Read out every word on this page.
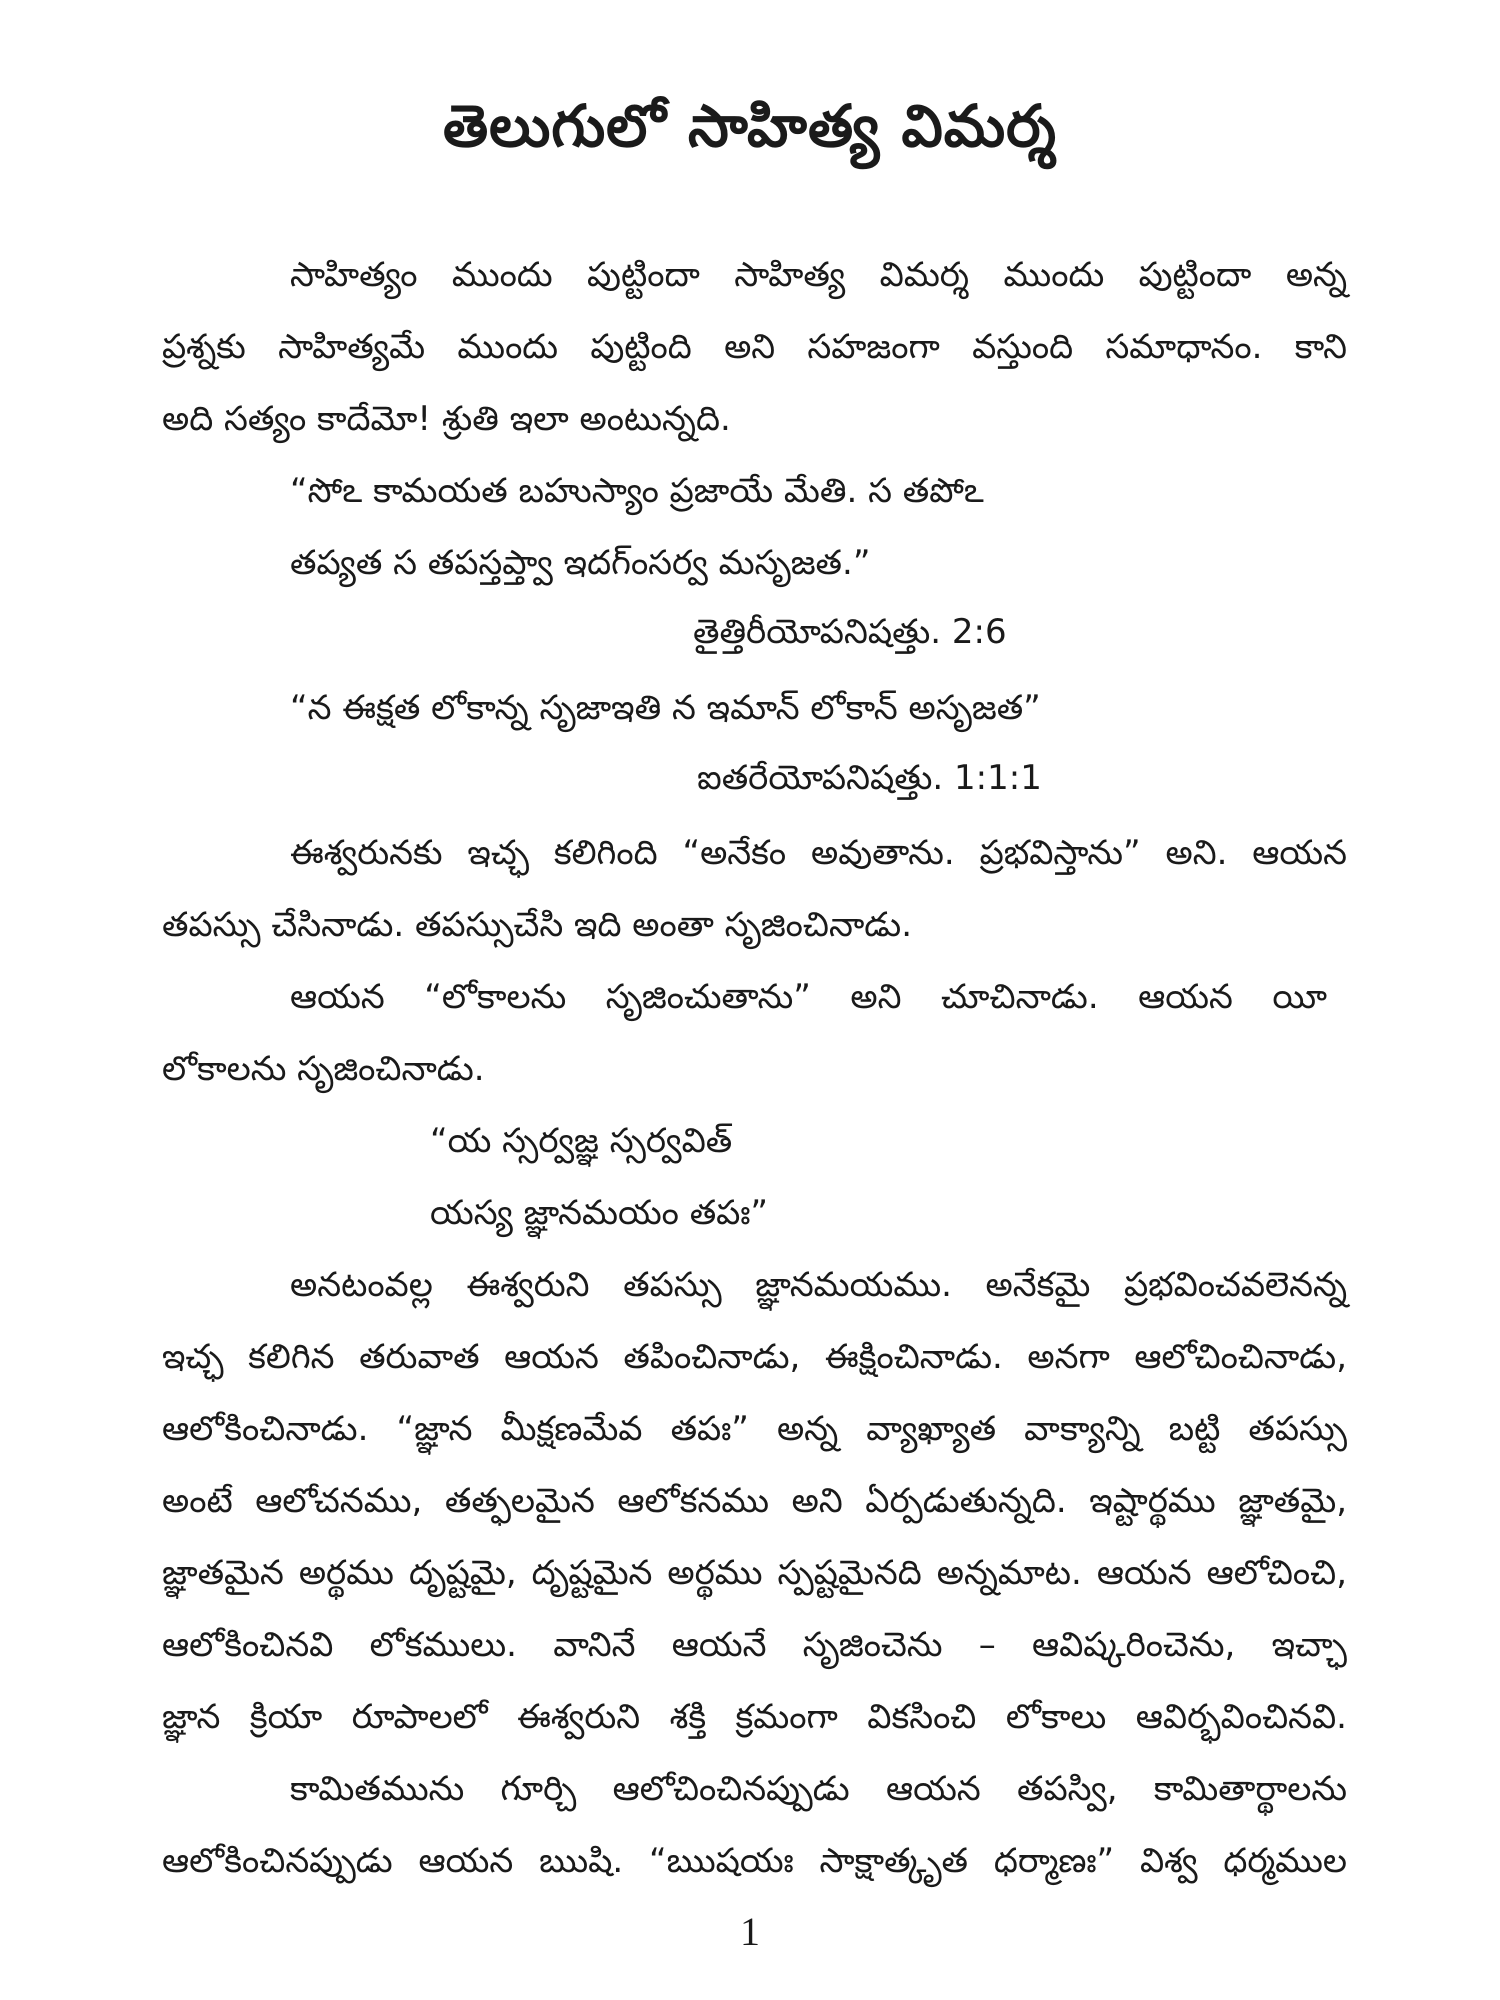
తెలుగులో సాహిత్య విమర్శ
సాహిత్యం ముందు పుట్టిందా సాహిత్య విమర్శ ముందు పుట్టిందా అన్న
ప్రశ్నకు సాహిత్యమే ముందు పుట్టింది అని సహజంగా వస్తుంది సమాధానం. కాని
అది సత్యం కాదేమో! శ్రుతి ఇలా అంటున్నది.
“సోఽ కామయత బహుస్యాం ప్రజాయే మేతి. స తపోఽ
తప్యత స తపస్తప్త్వా ఇదగ్ంసర్వ మసృజత.”
తైత్తిరీయోపనిషత్తు. 2:6
“న ఈక్షత లోకాన్న సృజాఇతి న ఇమాన్ లోకాన్ అసృజత”
ఐతరేయోపనిషత్తు. 1:1:1
ఈశ్వరునకు ఇచ్ఛ కలిగింది “అనేకం అవుతాను. ప్రభవిస్తాను” అని. ఆయన
తపస్సు చేసినాడు. తపస్సుచేసి ఇది అంతా సృజించినాడు.
ఆయన “లోకాలను సృజించుతాను” అని చూచినాడు. ఆయన యీ
లోకాలను సృజించినాడు.
“య స్సర్వజ్ఞ స్సర్వవిత్
యస్య జ్ఞానమయం తపః”
అనటంవల్ల ఈశ్వరుని తపస్సు జ్ఞానమయము. అనేకమై ప్రభవించవలెనన్న
ఇచ్ఛ కలిగిన తరువాత ఆయన తపించినాడు, ఈక్షించినాడు. అనగా ఆలోచించినాడు,
ఆలోకించినాడు. “జ్ఞాన మీక్షణమేవ తపః” అన్న వ్యాఖ్యాత వాక్యాన్ని బట్టి తపస్సు
అంటే ఆలోచనము, తత్ఫలమైన ఆలోకనము అని ఏర్పడుతున్నది. ఇష్టార్థము జ్ఞాతమై,
జ్ఞాతమైన అర్థము దృష్టమై, దృష్టమైన అర్థము స్పష్టమైనది అన్నమాట. ఆయన ఆలోచించి,
ఆలోకించినవి లోకములు. వానినే ఆయనే సృజించెను – ఆవిష్కరించెను, ఇచ్ఛా
జ్ఞాన క్రియా రూపాలలో ఈశ్వరుని శక్తి క్రమంగా వికసించి లోకాలు ఆవిర్భవించినవి.
కామితమును గూర్చి ఆలోచించినప్పుడు ఆయన తపస్వి, కామితార్థాలను
ఆలోకించినప్పుడు ఆయన ఋషి. “ఋషయః సాక్షాత్కృత ధర్మాణః” విశ్వ ధర్మముల
1
